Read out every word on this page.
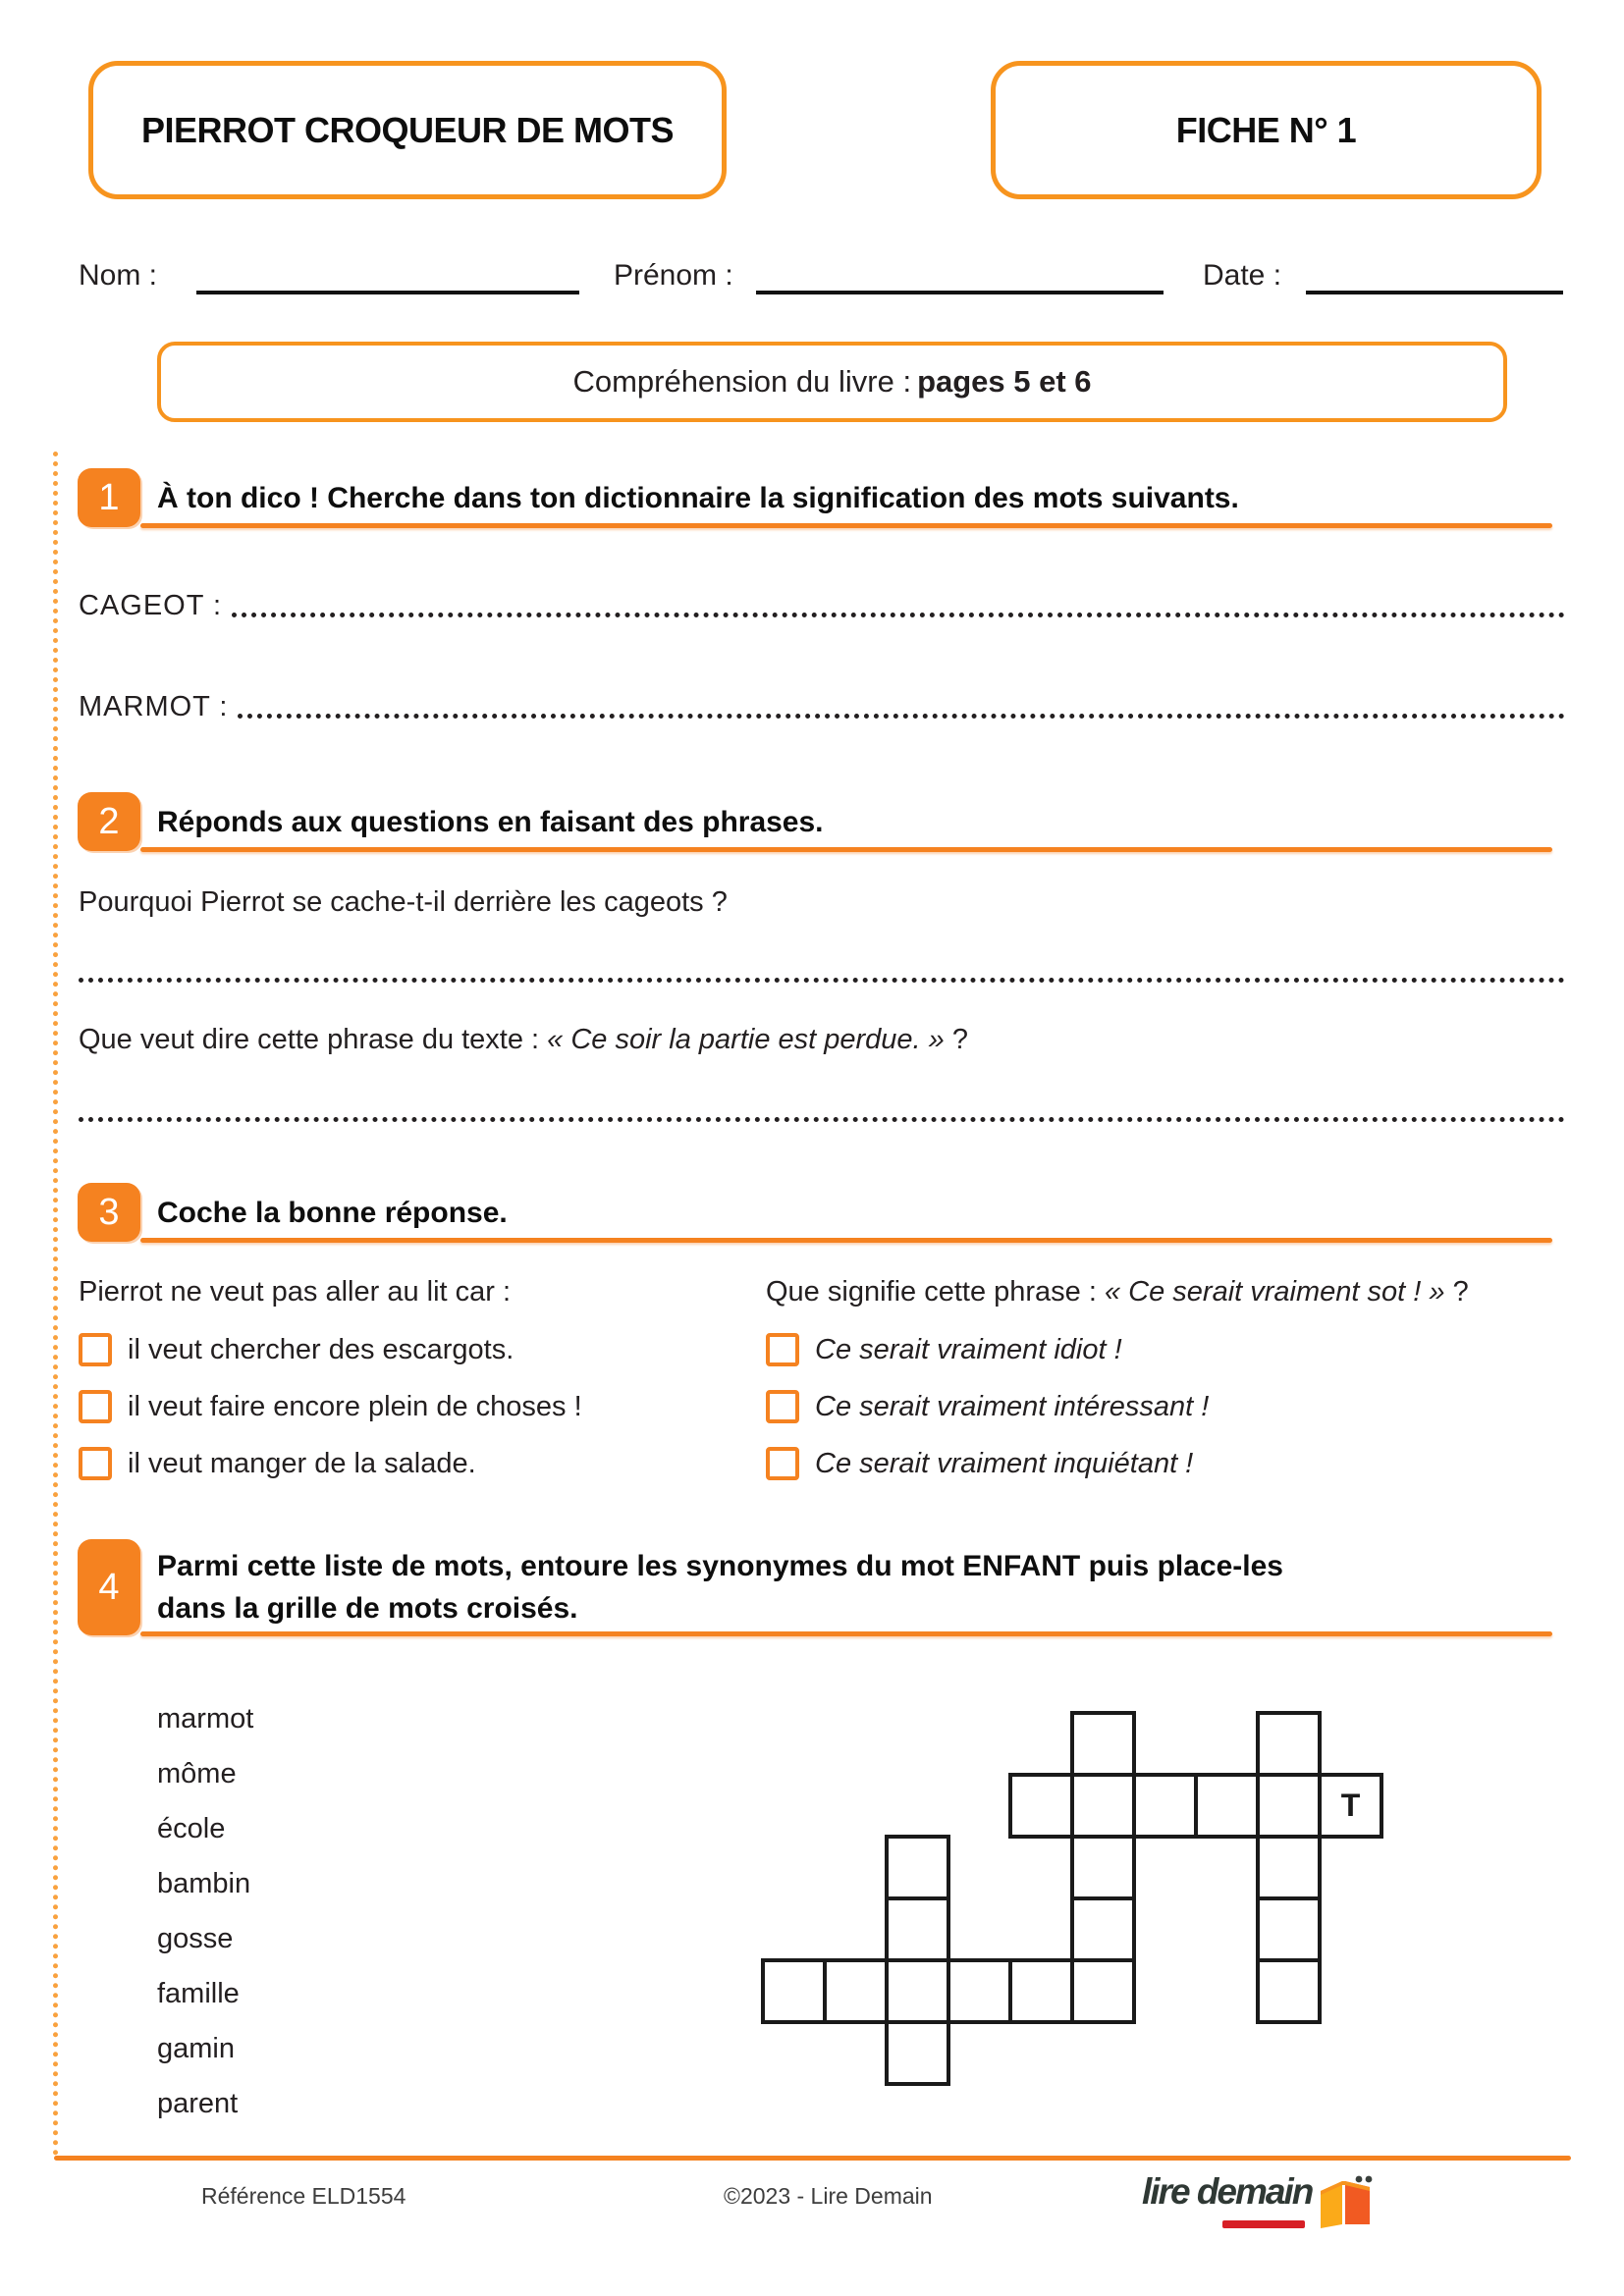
PIERROT CROQUEUR DE MOTS	FICHE N° 1
Nom :	Prénom :	Date :
Compréhension du livre : pages 5 et 6
1	À ton dico ! Cherche dans ton dictionnaire la signification des mots suivants.
CAGEOT :
MARMOT :
2	Réponds aux questions en faisant des phrases.
Pourquoi Pierrot se cache-t-il derrière les cageots ?
Que veut dire cette phrase du texte : « Ce soir la partie est perdue. » ?
3	Coche la bonne réponse.
Pierrot ne veut pas aller au lit car :
il veut chercher des escargots.
il veut faire encore plein de choses !
il veut manger de la salade.
Que signifie cette phrase : « Ce serait vraiment sot ! » ?
Ce serait vraiment idiot !
Ce serait vraiment intéressant !
Ce serait vraiment inquiétant !
4	Parmi cette liste de mots, entoure les synonymes du mot ENFANT puis place-les
dans la grille de mots croisés.
marmot
môme
école
bambin
gosse
famille
gamin
parent
T
Référence ELD1554	©2023 - Lire Demain	lire demain
